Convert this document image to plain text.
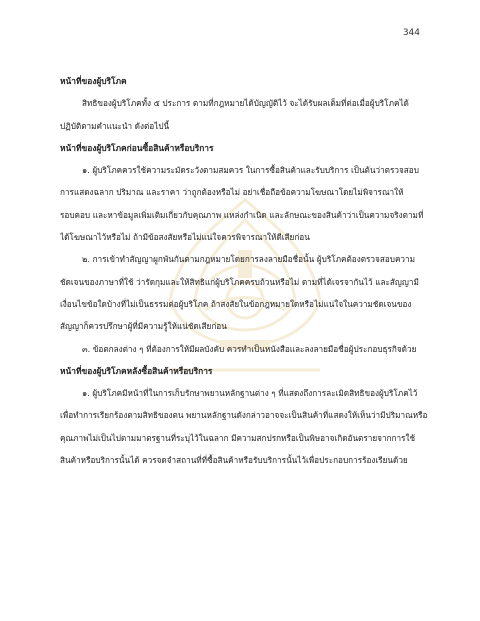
344
หน้าที่ของผู้บริโภค
สิทธิของผู้บริโภคทั้ง ๕ ประการ ตามที่กฎหมายได้บัญญัติไว้ จะได้รับผลเต็มที่ต่อเมื่อผู้บริโภคได้
ปฏิบัติตามคำแนะนำ ดังต่อไปนี้
หน้าที่ของผู้บริโภคก่อนซื้อสินค้าหรือบริการ
๑. ผู้บริโภคควรใช้ความระมัดระวังตามสมควร ในการซื้อสินค้าและรับบริการ เป็นต้นว่าตรวจสอบ
การแสดงฉลาก ปริมาณ และราคา ว่าถูกต้องหรือไม่ อย่าเชื่อถือข้อความโฆษณาโดยไม่พิจารณาให้
รอบคอบ และหาข้อมูลเพิ่มเติมเกี่ยวกับคุณภาพ แหล่งกำเนิด และลักษณะของสินค้าว่าเป็นความจริงตามที่
ได้โฆษณาไว้หรือไม่ ถ้ามีข้อสงสัยหรือไม่แน่ใจควรพิจารณาให้ดีเสียก่อน
๒. การเข้าทำสัญญาผูกพันกันตามกฎหมายโดยการลงลายมือชื่อนั้น ผู้บริโภคต้องตรวจสอบความ
ชัดเจนของภาษาที่ใช้ ว่ารัดกุมและให้สิทธิแก่ผู้บริโภคครบถ้วนหรือไม่ ตามที่ได้เจรจากันไว้ และสัญญามี
เงื่อนไขข้อใดบ้างที่ไม่เป็นธรรมต่อผู้บริโภค ถ้าสงสัยในข้อกฎหมายใดหรือไม่แน่ใจในความชัดเจนของ
สัญญาก็ควรปรึกษาผู้ที่มีความรู้ให้แน่ชัดเสียก่อน
๓. ข้อตกลงต่าง ๆ ที่ต้องการให้มีผลบังคับ ควรทำเป็นหนังสือและลงลายมือชื่อผู้ประกอบธุรกิจด้วย
หน้าที่ของผู้บริโภคหลังซื้อสินค้าหรือบริการ
๑. ผู้บริโภคมีหน้าที่ในการเก็บรักษาพยานหลักฐานต่าง ๆ ที่แสดงถึงการละเมิดสิทธิของผู้บริโภคไว้
เพื่อทำการเรียกร้องตามสิทธิของตน พยานหลักฐานดังกล่าวอาจจะเป็นสินค้าที่แสดงให้เห็นว่ามีปริมาณหรือ
คุณภาพไม่เป็นไปตามมาตรฐานที่ระบุไว้ในฉลาก มีความสกปรกหรือเป็นพิษอาจเกิดอันตรายจากการใช้
สินค้าหรือบริการนั้นได้ ควรจดจำสถานที่ที่ซื้อสินค้าหรือรับบริการนั้นไว้เพื่อประกอบการร้องเรียนด้วย
